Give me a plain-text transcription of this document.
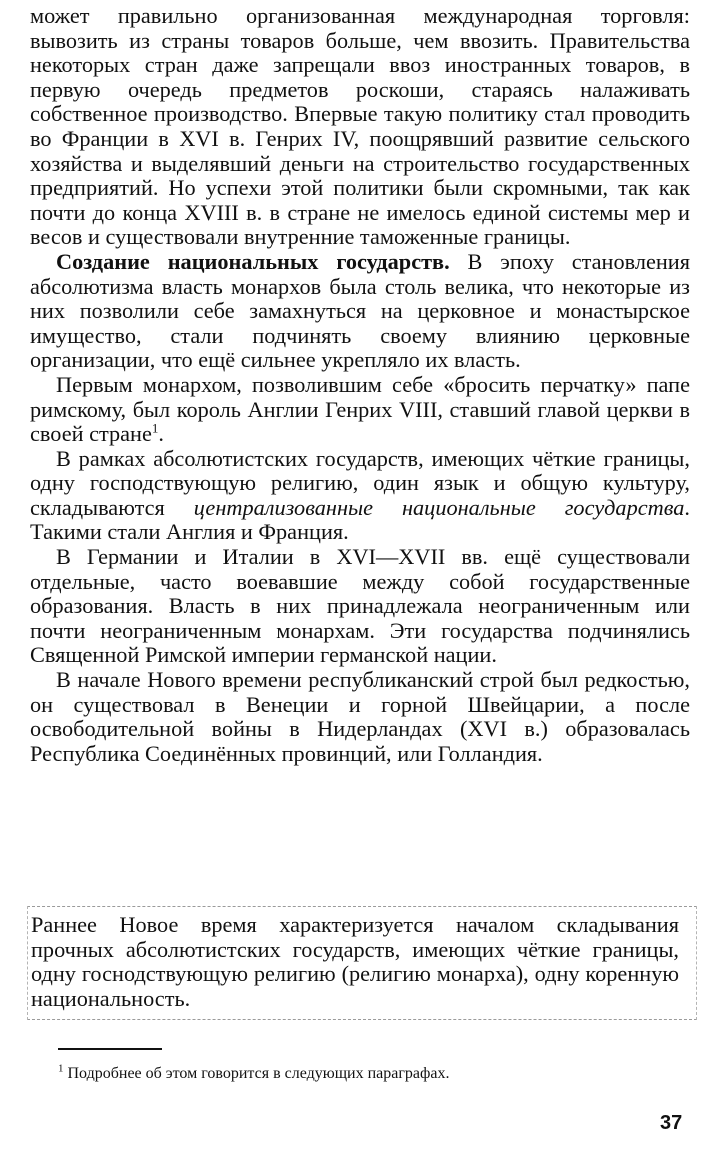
может правильно организованная международная торговля: вывозить из страны товаров больше, чем ввозить. Правительства некоторых стран даже запрещали ввоз иностранных товаров, в первую очередь предметов роскоши, стараясь налаживать собственное производство. Впервые такую политику стал проводить во Франции в XVI в. Генрих IV, поощрявший развитие сельского хозяйства и выделявший деньги на строительство государственных предприятий. Но успехи этой политики были скромными, так как почти до конца XVIII в. в стране не имелось единой системы мер и весов и существовали внутренние таможенные границы.

Создание национальных государств. В эпоху становления абсолютизма власть монархов была столь велика, что некоторые из них позволили себе замахнуться на церковное и монастырское имущество, стали подчинять своему влиянию церковные организации, что ещё сильнее укрепляло их власть.

Первым монархом, позволившим себе «бросить перчатку» папе римскому, был король Англии Генрих VIII, ставший главой церкви в своей стране$^1$.

В рамках абсолютистских государств, имеющих чёткие границы, одну господствующую религию, один язык и общую культуру, складываются централизованные национальные государства. Такими стали Англия и Франция.

В Германии и Италии в XVI—XVII вв. ещё существовали отдельные, часто воевавшие между собой государственные образования. Власть в них принадлежала неограниченным или почти неограниченным монархам. Эти государства подчинялись Священной Римской империи германской нации.

В начале Нового времени республиканский строй был редкостью, он существовал в Венеции и горной Швейцарии, а после освободительной войны в Нидерландах (XVI в.) образовалась Республика Соединённых провинций, или Голландия.

Раннее Новое время характеризуется началом складывания прочных абсолютистских государств, имеющих чёткие границы, одну госнодствующую религию (религию монарха), одну коренную национальность.

$^1$ Подробнее об этом говорится в следующих параграфах.

37
